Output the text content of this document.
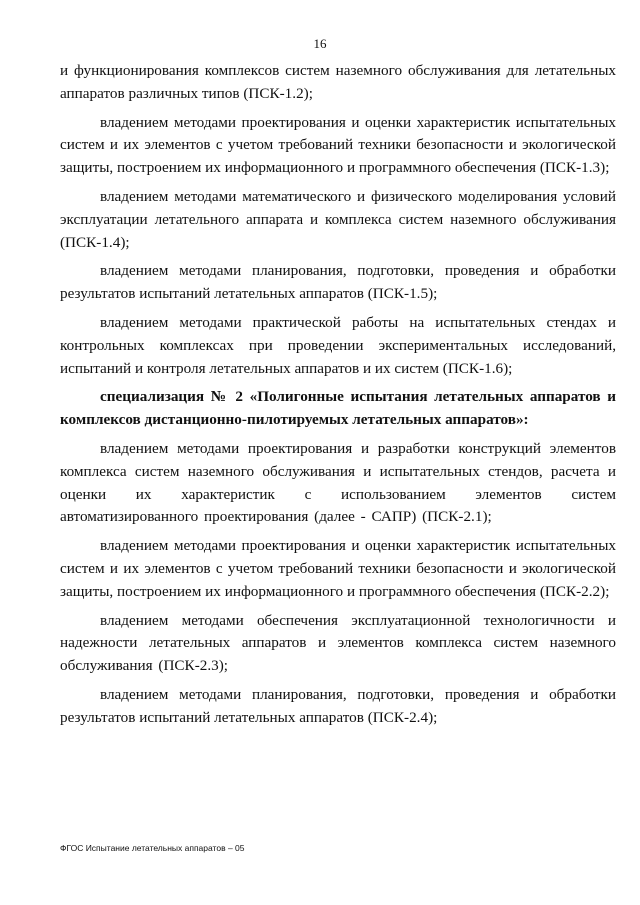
16

и функционирования комплексов систем наземного обслуживания для летательных аппаратов различных типов (ПСК-1.2);

владением методами проектирования и оценки характеристик испытательных систем и их элементов с учетом требований техники безопасности и экологической защиты, построением их информационного и программного обеспечения (ПСК-1.3);

владением методами математического и физического моделирования условий эксплуатации летательного аппарата и комплекса систем наземного обслуживания (ПСК-1.4);

владением методами планирования, подготовки, проведения и обработки результатов испытаний летательных аппаратов (ПСК-1.5);

владением методами практической работы на испытательных стендах и контрольных комплексах при проведении экспериментальных исследований, испытаний и контроля летательных аппаратов и их систем (ПСК-1.6);

специализация № 2 «Полигонные испытания летательных аппаратов и комплексов дистанционно-пилотируемых летательных аппаратов»:

владением методами проектирования и разработки конструкций элементов комплекса систем наземного обслуживания и испытательных стендов, расчета и оценки их характеристик с использованием элементов систем автоматизированного проектирования (далее - САПР) (ПСК-2.1);

владением методами проектирования и оценки характеристик испытательных систем и их элементов с учетом требований техники безопасности и экологической защиты, построением их информационного и программного обеспечения (ПСК-2.2);

владением методами обеспечения эксплуатационной технологичности и надежности летательных аппаратов и элементов комплекса систем наземного обслуживания (ПСК-2.3);

владением методами планирования, подготовки, проведения и обработки результатов испытаний летательных аппаратов (ПСК-2.4);

ФГОС Испытание летательных аппаратов – 05
